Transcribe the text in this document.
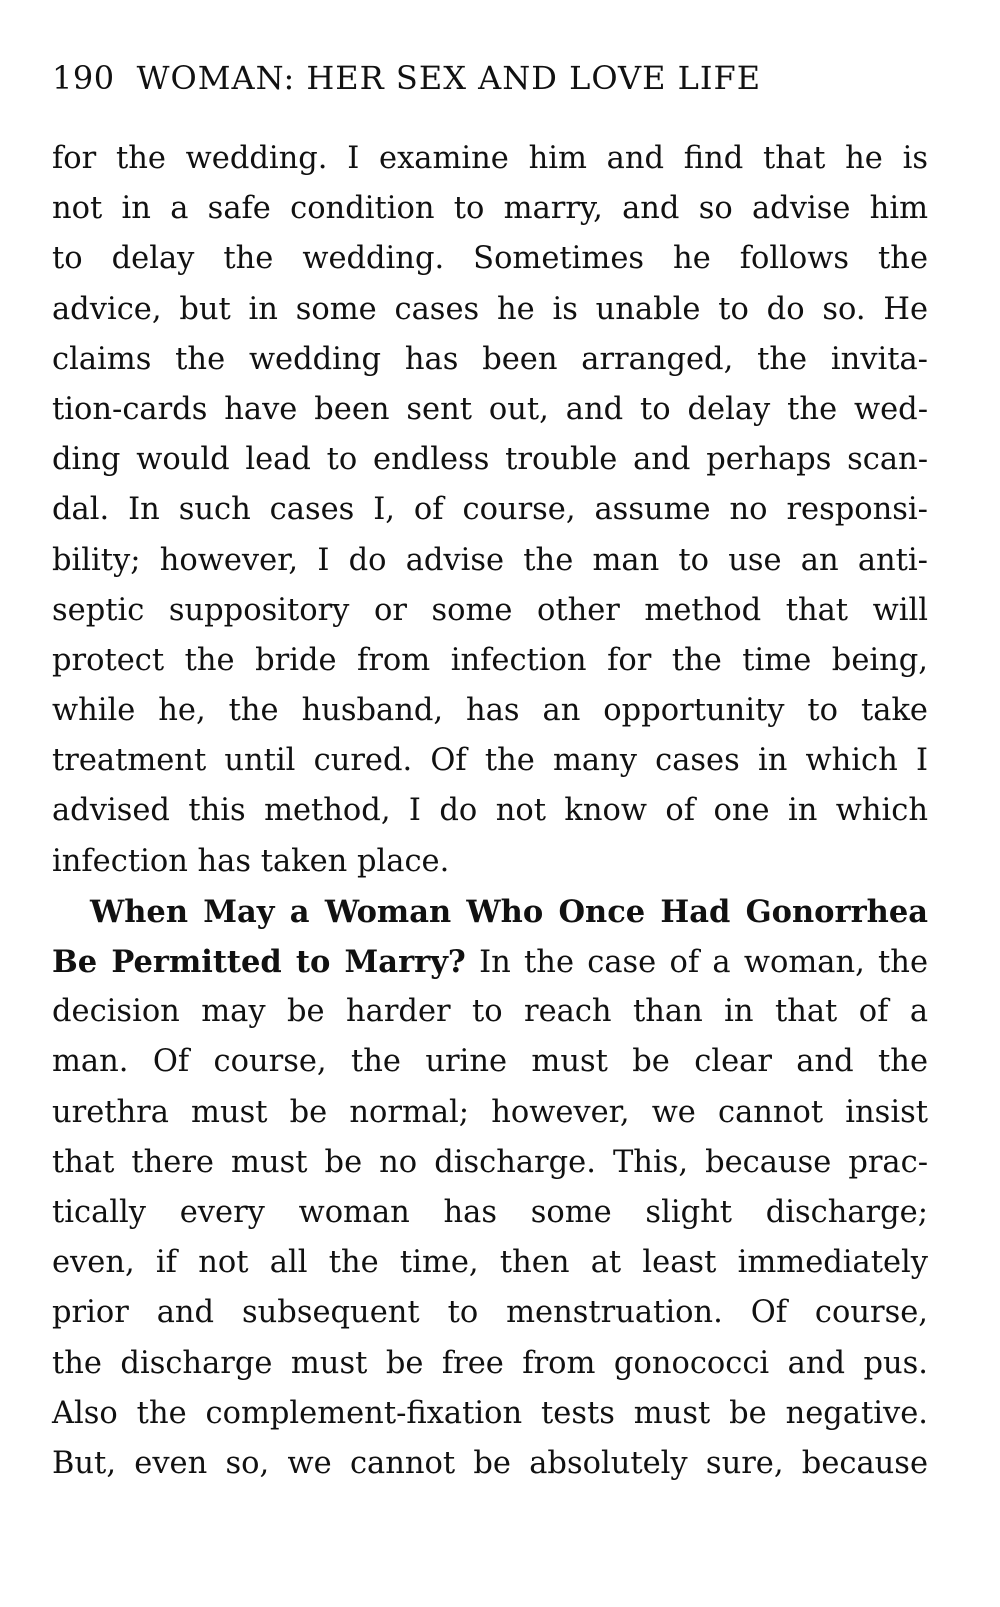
190 WOMAN: HER SEX AND LOVE LIFE
for the wedding. I examine him and find that he is
not in a safe condition to marry, and so advise him
to delay the wedding. Sometimes he follows the
advice, but in some cases he is unable to do so. He
claims the wedding has been arranged, the invita-
tion-cards have been sent out, and to delay the wed-
ding would lead to endless trouble and perhaps scan-
dal. In such cases I, of course, assume no responsi-
bility; however, I do advise the man to use an anti-
septic suppository or some other method that will
protect the bride from infection for the time being,
while he, the husband, has an opportunity to take
treatment until cured. Of the many cases in which I
advised this method, I do not know of one in which
infection has taken place.
When May a Woman Who Once Had Gonorrhea
Be Permitted to Marry? In the case of a woman, the
decision may be harder to reach than in that of a
man. Of course, the urine must be clear and the
urethra must be normal; however, we cannot insist
that there must be no discharge. This, because prac-
tically every woman has some slight discharge;
even, if not all the time, then at least immediately
prior and subsequent to menstruation. Of course,
the discharge must be free from gonococci and pus.
Also the complement-fixation tests must be negative.
But, even so, we cannot be absolutely sure, because
